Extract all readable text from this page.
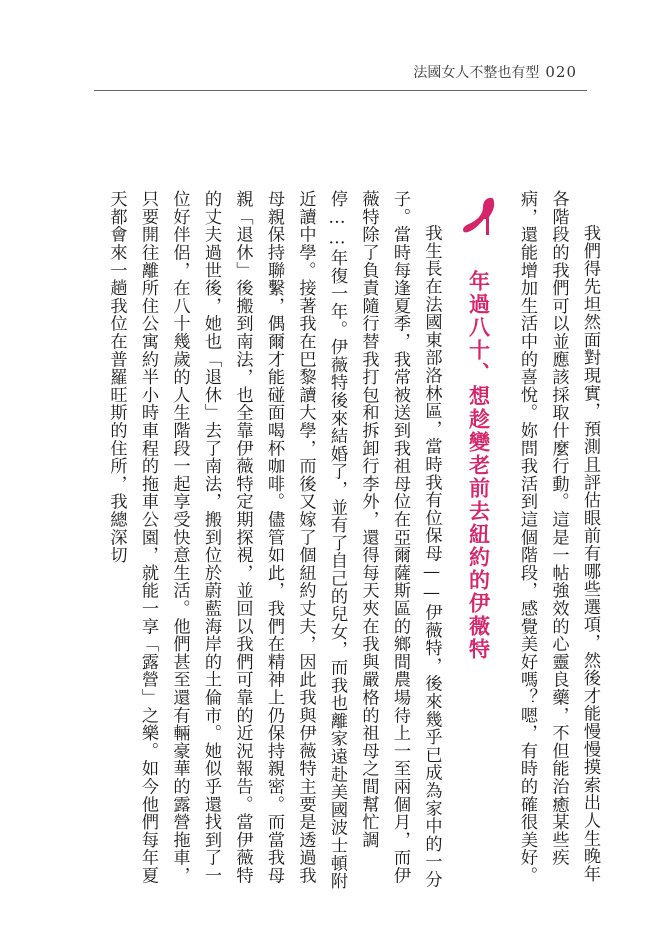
法國女人不整也有型 020

我們得先坦然面對現實，預測且評估眼前有哪些選項，然後才能慢慢摸索出人生晚年各階段的我們可以並應該採取什麼行動。這是一帖強效的心靈良藥，不但能治癒某些疾病，還能增加生活中的喜悅。妳問我活到這個階段，感覺美好嗎？嗯，有時的確很美好。

年過八十、想趁變老前去紐約的伊薇特

我生長在法國東部洛林區，當時我有位保母——伊薇特，後來幾乎已成為家中的一分子。當時每逢夏季，我常被送到我祖母位在亞爾薩斯區的鄉間農場待上一至兩個月，而伊薇特除了負責隨行替我打包和拆卸行李外，還得每天夾在我與嚴格的祖母之間幫忙調停……年復一年。伊薇特後來結婚了，並有了自己的兒女，而我也離家遠赴美國波士頓附近讀中學。接著我在巴黎讀大學，而後又嫁了個紐約丈夫，因此我與伊薇特主要是透過我母親保持聯繫，偶爾才能碰面喝杯咖啡。儘管如此，我們在精神上仍保持親密。而當我母親「退休」後搬到南法，也全靠伊薇特定期探視，並回以我們可靠的近況報告。當伊薇特的丈夫過世後，她也「退休」去了南法，搬到位於蔚藍海岸的土倫市。她似乎還找到了一位好伴侶，在八十幾歲的人生階段一起享受快意生活。他們甚至還有輛豪華的露營拖車，只要開往離所住公寓約半小時車程的拖車公園，就能一享「露營」之樂。如今他們每年夏天都會來一趟我位在普羅旺斯的住所，我總深切
